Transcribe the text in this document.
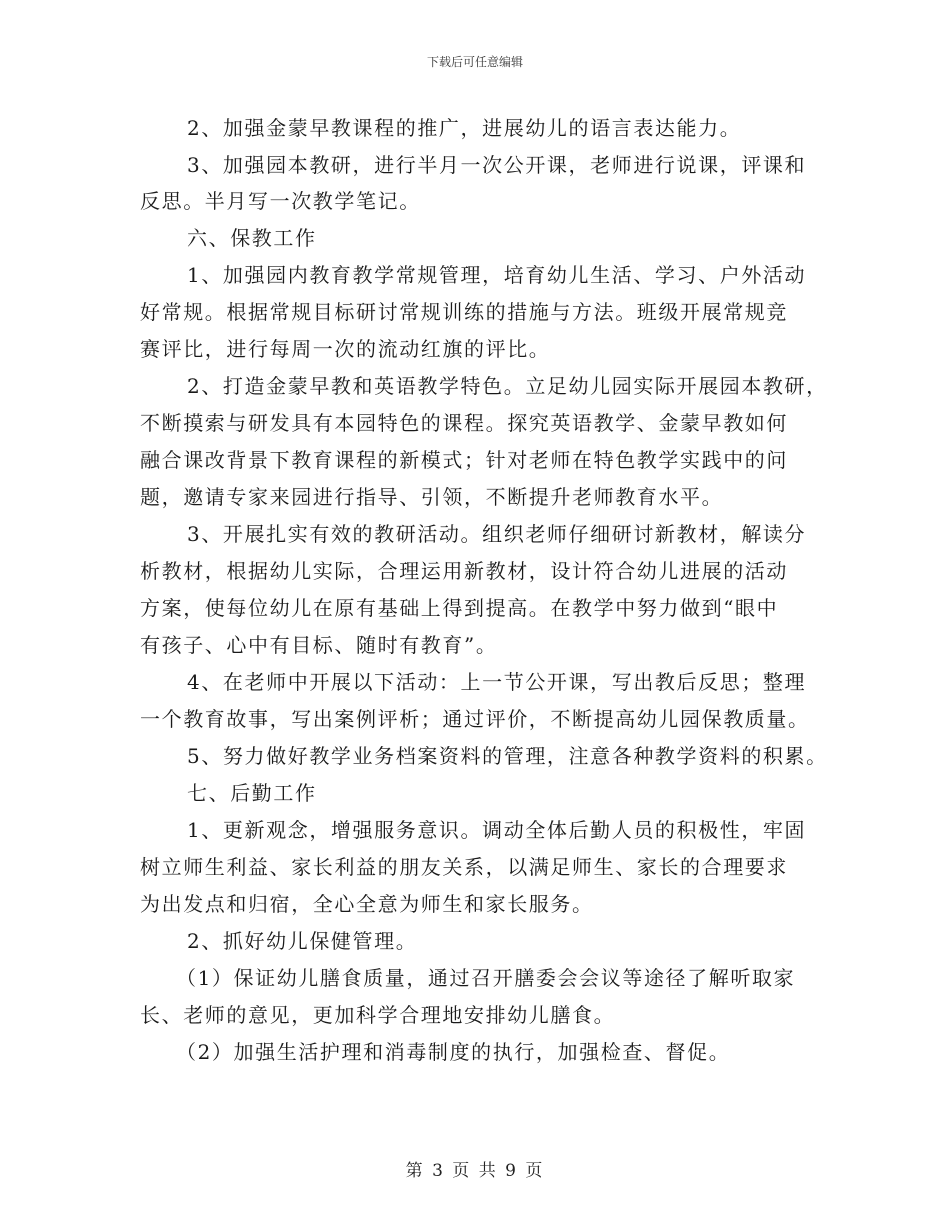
下载后可任意编辑
2、加强金蒙早教课程的推广，进展幼儿的语言表达能力。
3、加强园本教研，进行半月一次公开课，老师进行说课，评课和
反思。半月写一次教学笔记。
六、保教工作
1、加强园内教育教学常规管理，培育幼儿生活、学习、户外活动
好常规。根据常规目标研讨常规训练的措施与方法。班级开展常规竞
赛评比，进行每周一次的流动红旗的评比。
2、打造金蒙早教和英语教学特色。立足幼儿园实际开展园本教研，
不断摸索与研发具有本园特色的课程。探究英语教学、金蒙早教如何
融合课改背景下教育课程的新模式；针对老师在特色教学实践中的问
题，邀请专家来园进行指导、引领，不断提升老师教育水平。
3、开展扎实有效的教研活动。组织老师仔细研讨新教材，解读分
析教材，根据幼儿实际，合理运用新教材，设计符合幼儿进展的活动
方案，使每位幼儿在原有基础上得到提高。在教学中努力做到“眼中
有孩子、心中有目标、随时有教育”。
4、在老师中开展以下活动：上一节公开课，写出教后反思；整理
一个教育故事，写出案例评析；通过评价，不断提高幼儿园保教质量。
5、努力做好教学业务档案资料的管理，注意各种教学资料的积累。
七、后勤工作
1、更新观念，增强服务意识。调动全体后勤人员的积极性，牢固
树立师生利益、家长利益的朋友关系，以满足师生、家长的合理要求
为出发点和归宿，全心全意为师生和家长服务。
2、抓好幼儿保健管理。
（1）保证幼儿膳食质量，通过召开膳委会会议等途径了解听取家
长、老师的意见，更加科学合理地安排幼儿膳食。
（2）加强生活护理和消毒制度的执行，加强检查、督促。
第 3 页 共 9 页
